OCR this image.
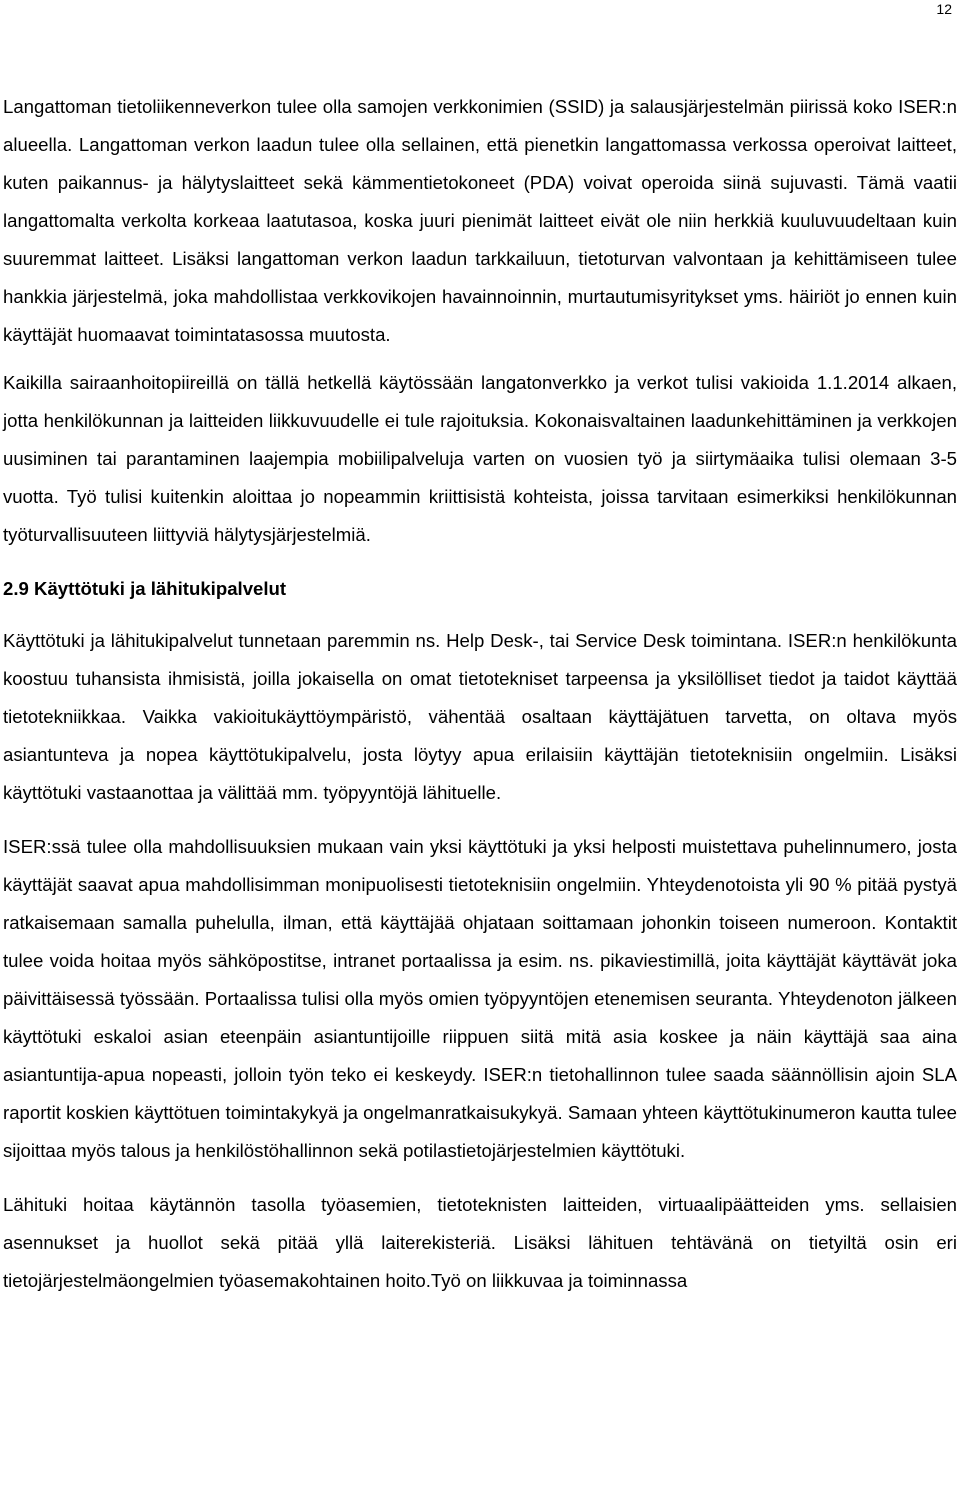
12

Langattoman tietoliikenneverkon tulee olla samojen verkkonimien (SSID) ja salausjärjestelmän piirissä koko ISER:n alueella. Langattoman verkon laadun tulee olla sellainen, että pienetkin langattomassa verkossa operoivat laitteet, kuten paikannus- ja hälytyslaitteet sekä kämmentietokoneet (PDA) voivat operoida siinä sujuvasti. Tämä vaatii langattomalta verkolta korkeaa laatutasoa, koska juuri pienimät laitteet eivät ole niin herkkiä kuuluvuudeltaan kuin suuremmat laitteet. Lisäksi langattoman verkon laadun tarkkailuun, tietoturvan valvontaan ja kehittämiseen tulee hankkia järjestelmä, joka mahdollistaa verkkovikojen havainnoinnin, murtautumisyritykset yms. häiriöt jo ennen kuin käyttäjät huomaavat toimintatasossa muutosta.

Kaikilla sairaanhoitopiireillä on tällä hetkellä käytössään langatonverkko ja verkot tulisi vakioida 1.1.2014 alkaen, jotta henkilökunnan ja laitteiden liikkuvuudelle ei tule rajoituksia. Kokonaisvaltainen laadunkehittäminen ja verkkojen uusiminen tai parantaminen laajempia mobiilipalveluja varten on vuosien työ ja siirtymäaika tulisi olemaan 3-5 vuotta. Työ tulisi kuitenkin aloittaa jo nopeammin kriittisistä kohteista, joissa tarvitaan esimerkiksi henkilökunnan työturvallisuuteen liittyviä hälytysjärjestelmiä.

2.9 Käyttötuki ja lähitukipalvelut

Käyttötuki ja lähitukipalvelut tunnetaan paremmin ns. Help Desk-, tai Service Desk toimintana. ISER:n henkilökunta koostuu tuhansista ihmisistä, joilla jokaisella on omat tietotekniset tarpeensa ja yksilölliset tiedot ja taidot käyttää tietotekniikkaa. Vaikka vakioitukäyttöympäristö, vähentää osaltaan käyttäjätuen tarvetta, on oltava myös asiantunteva ja nopea käyttötukipalvelu, josta löytyy apua erilaisiin käyttäjän tietoteknisiin ongelmiin. Lisäksi käyttötuki vastaanottaa ja välittää mm. työpyyntöjä lähituelle.

ISER:ssä tulee olla mahdollisuuksien mukaan vain yksi käyttötuki ja yksi helposti muistettava puhelinnumero, josta käyttäjät saavat apua mahdollisimman monipuolisesti tietoteknisiin ongelmiin. Yhteydenotoista yli 90 % pitää pystyä ratkaisemaan samalla puhelulla, ilman, että käyttäjää ohjataan soittamaan johonkin toiseen numeroon. Kontaktit tulee voida hoitaa myös sähköpostitse, intranet portaalissa ja esim. ns. pikaviestimillä, joita käyttäjät käyttävät joka päivittäisessä työssään. Portaalissa tulisi olla myös omien työpyyntöjen etenemisen seuranta. Yhteydenoton jälkeen käyttötuki eskaloi asian eteenpäin asiantuntijoille riippuen siitä mitä asia koskee ja näin käyttäjä saa aina asiantuntija-apua nopeasti, jolloin työn teko ei keskeydy. ISER:n tietohallinnon tulee saada säännöllisin ajoin SLA raportit koskien käyttötuen toimintakykyä ja ongelmanratkaisukykyä. Samaan yhteen käyttötukinumeron kautta tulee sijoittaa myös talous ja henkilöstöhallinnon sekä potilastietojärjestelmien käyttötuki.

Lähituki hoitaa käytännön tasolla työasemien, tietoteknisten laitteiden, virtuaalipäätteiden yms. sellaisien asennukset ja huollot sekä pitää yllä laiterekisteriä. Lisäksi lähituen tehtävänä on tietyiltä osin eri tietojärjestelmäongelmien työasemakohtainen hoito.Työ on liikkuvaa ja toiminnassa
